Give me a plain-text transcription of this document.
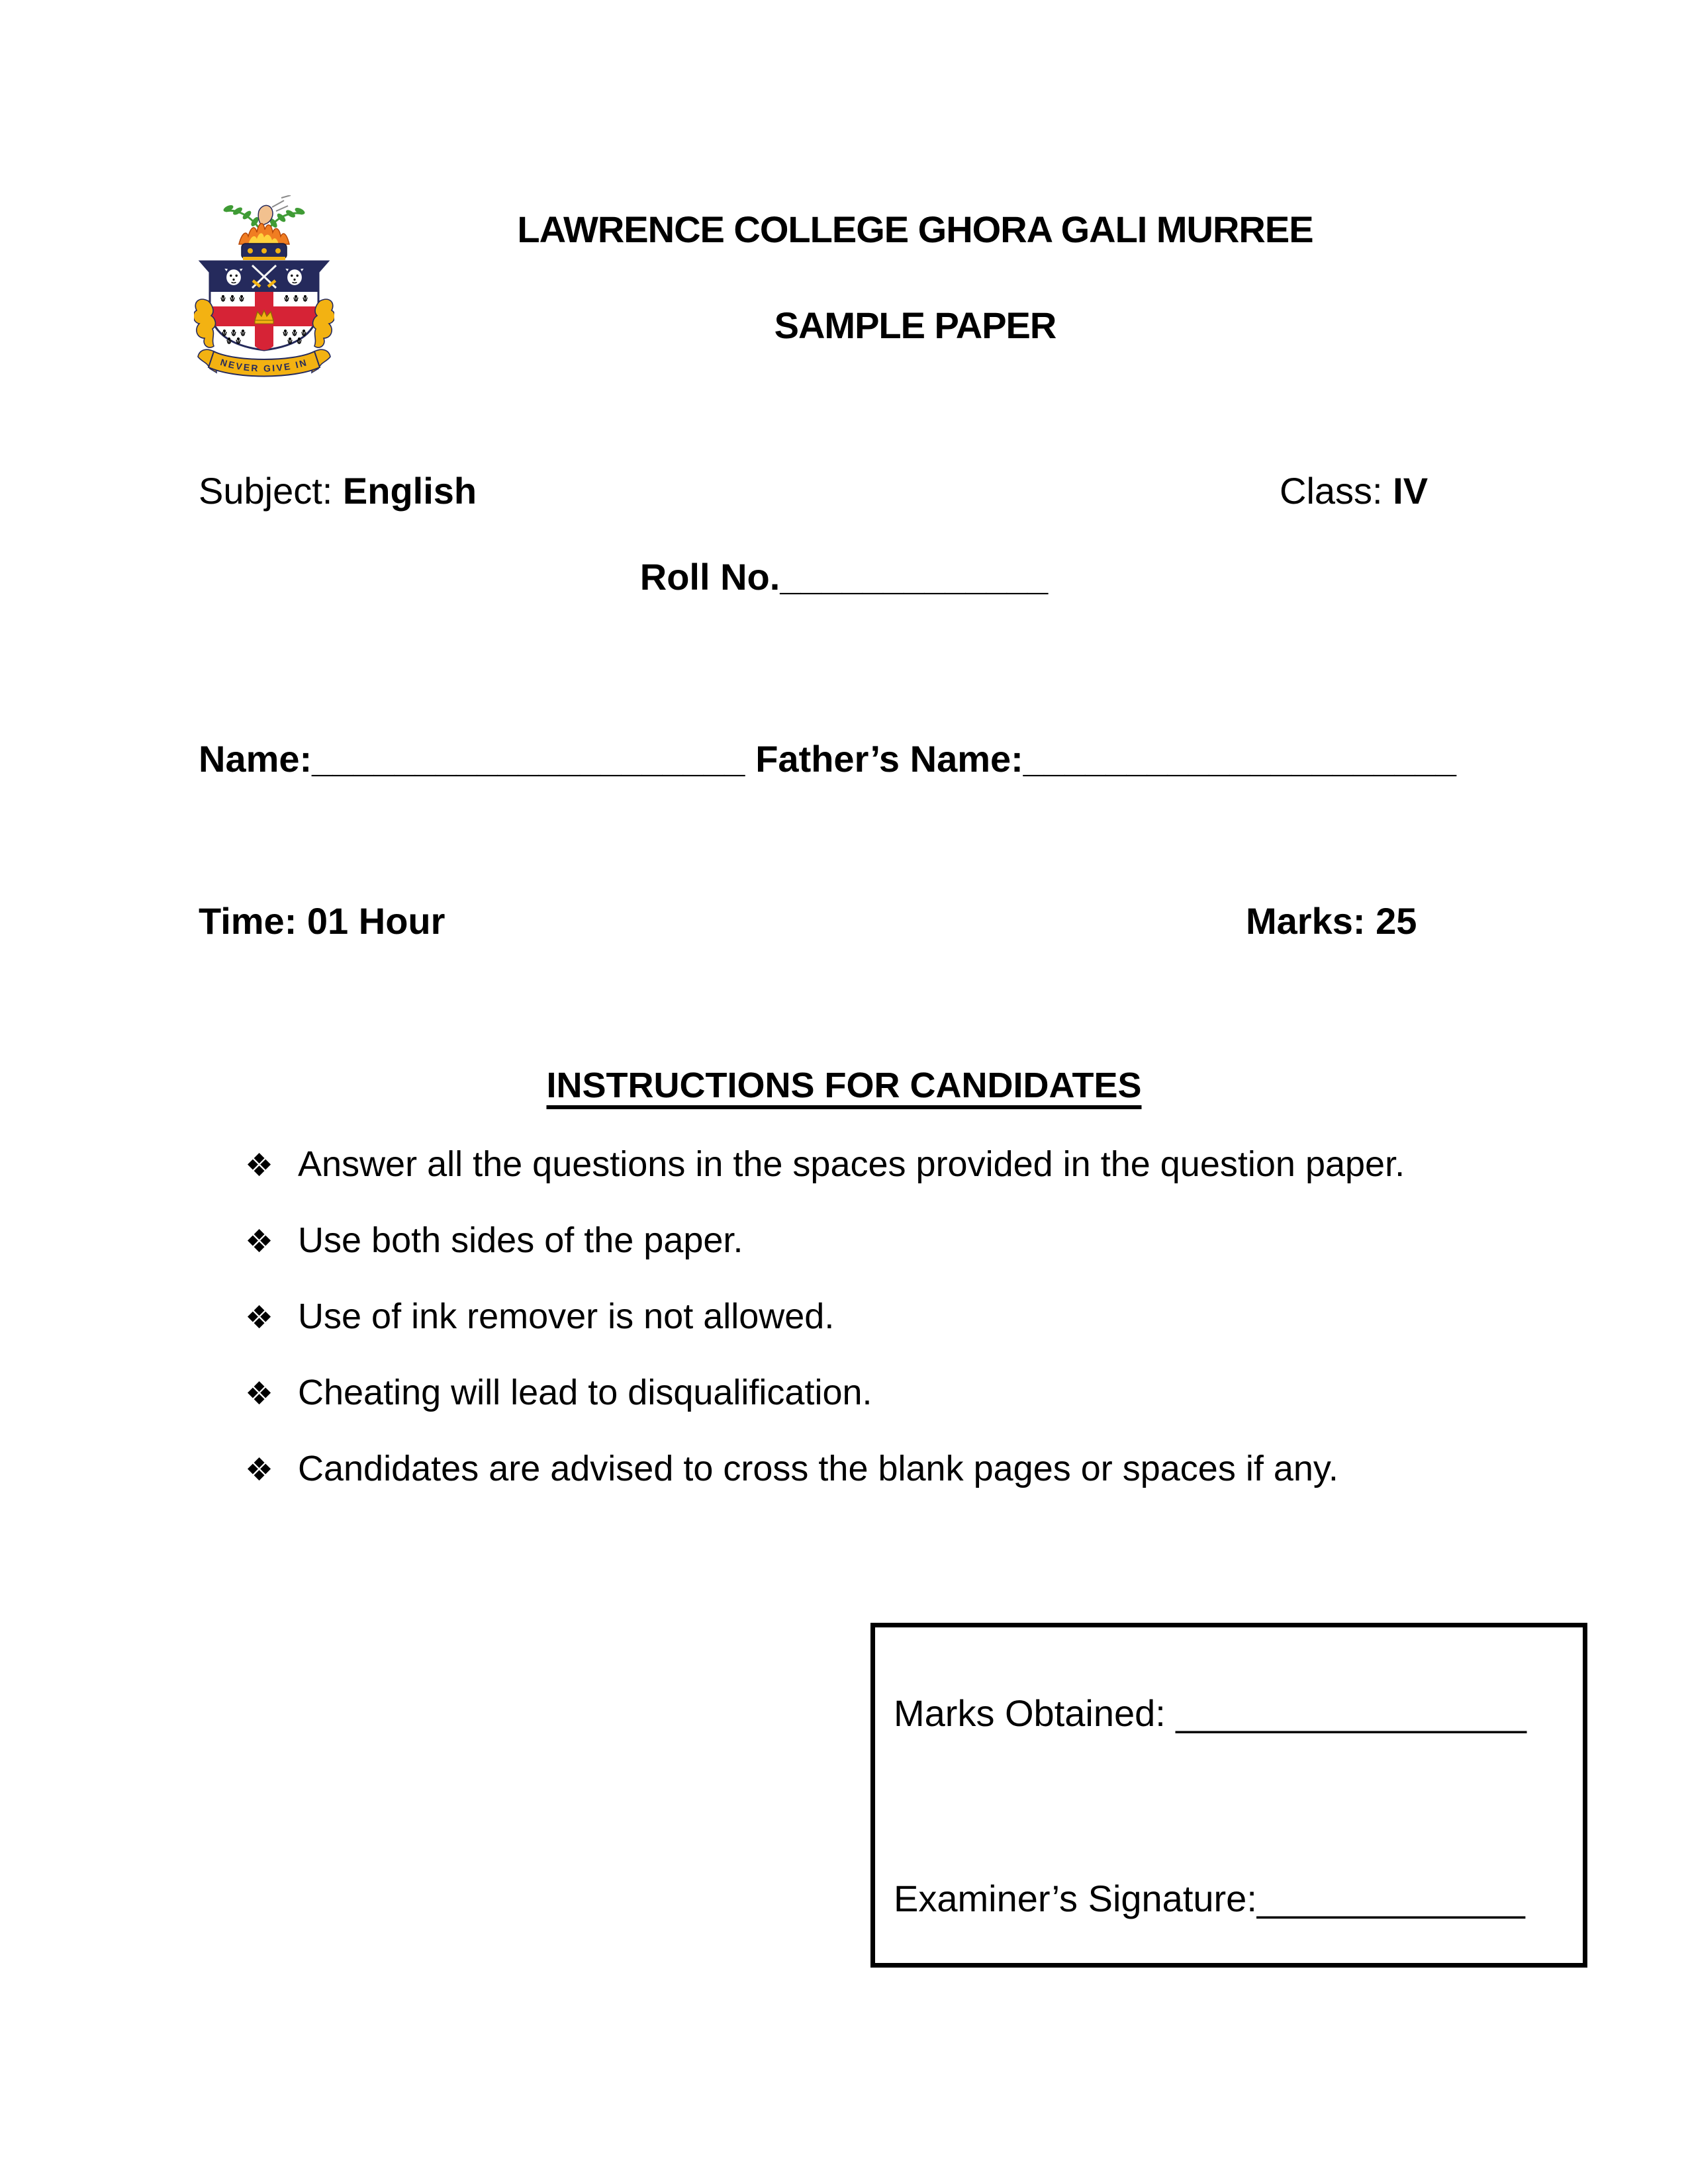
NEVER GIVE IN
LAWRENCE COLLEGE GHORA GALI MURREE
SAMPLE PAPER
Subject: English	Class: IV
Roll No._____________
Name:_____________________ Father’s Name:_____________________
Time: 01 Hour	Marks: 25
INSTRUCTIONS FOR CANDIDATES
❖ Answer all the questions in the spaces provided in the question paper.
❖ Use both sides of the paper.
❖ Use of ink remover is not allowed.
❖ Cheating will lead to disqualification.
❖ Candidates are advised to cross the blank pages or spaces if any.
Marks Obtained: _________________
Examiner’s Signature:_____________
